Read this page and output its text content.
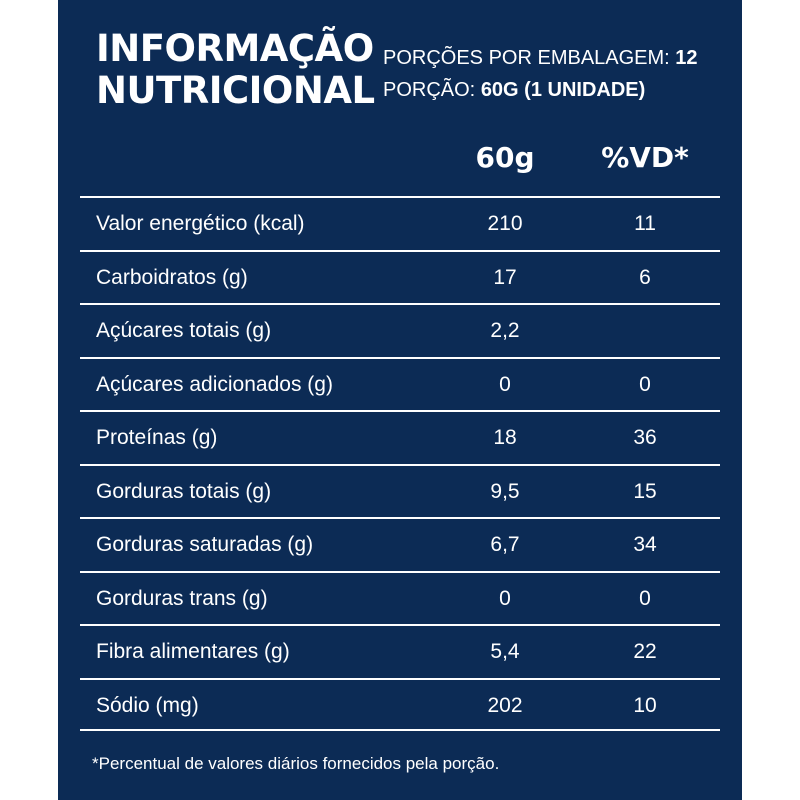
INFORMAÇÃO
NUTRICIONAL
PORÇÕES POR EMBALAGEM: 12
PORÇÃO: 60G (1 UNIDADE)
60g	%VD*
Valor energético (kcal)	210	11
Carboidratos (g)	17	6
Açúcares totais (g)	2,2
Açúcares adicionados (g)	0	0
Proteínas (g)	18	36
Gorduras totais (g)	9,5	15
Gorduras saturadas (g)	6,7	34
Gorduras trans (g)	0	0
Fibra alimentares (g)	5,4	22
Sódio (mg)	202	10
*Percentual de valores diários fornecidos pela porção.
